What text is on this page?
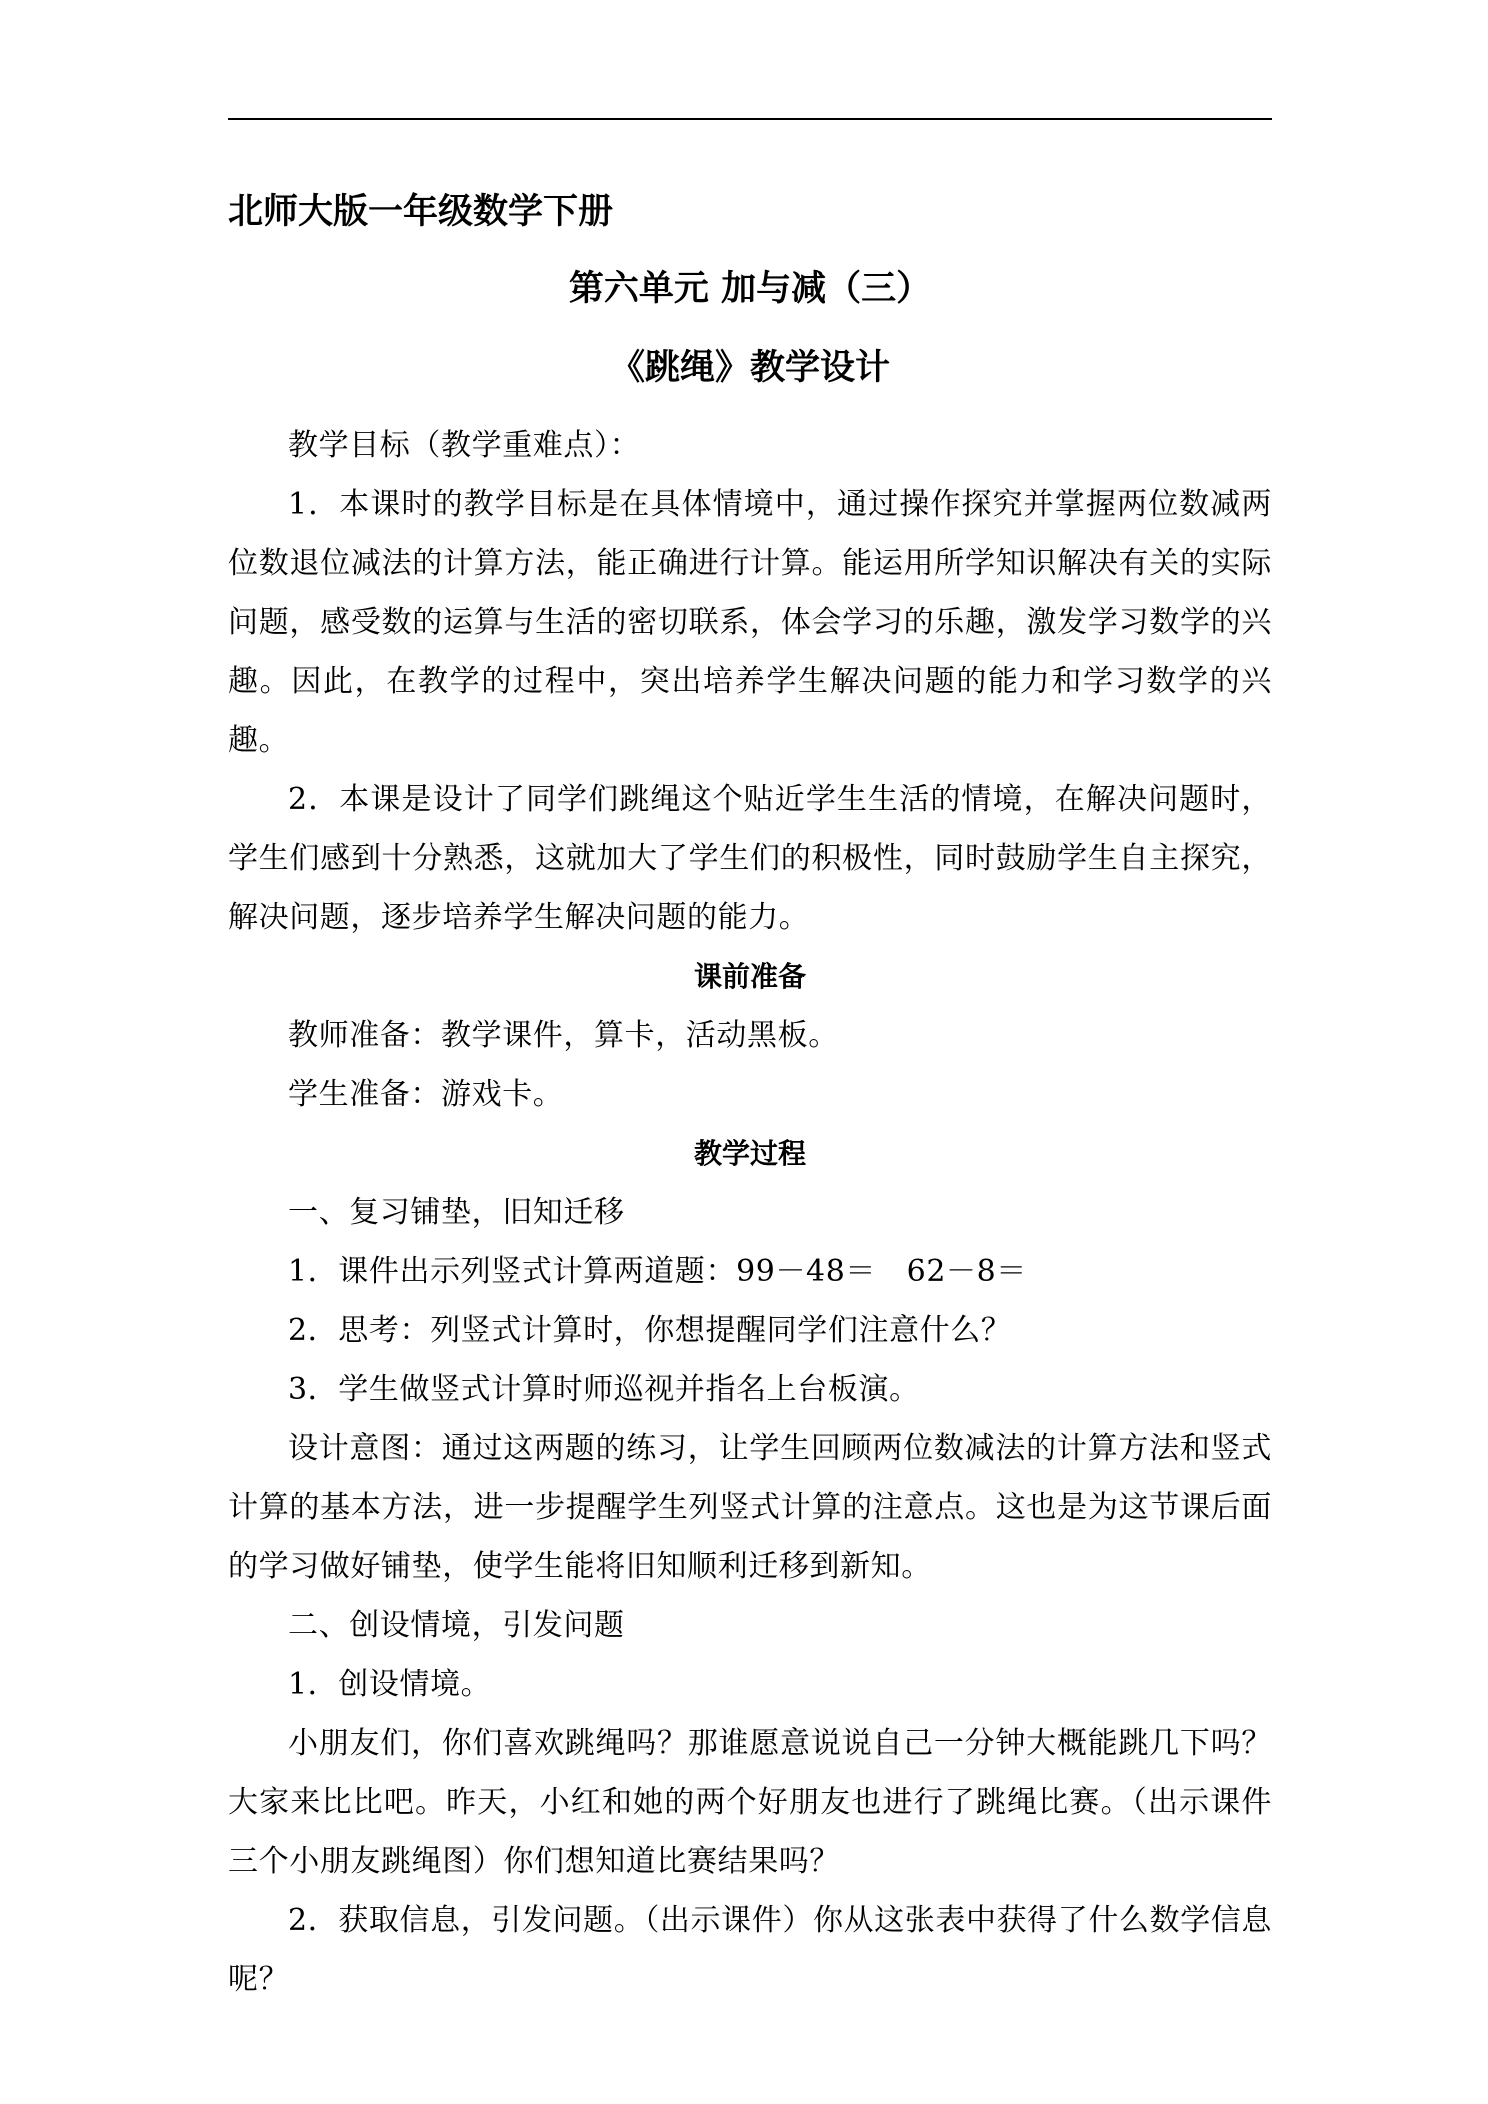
北师大版一年级数学下册
第六单元 加与减（三）
《跳绳》教学设计

教学目标（教学重难点）：

1．本课时的教学目标是在具体情境中，通过操作探究并掌握两位数减两位数退位减法的计算方法，能正确进行计算。能运用所学知识解决有关的实际问题，感受数的运算与生活的密切联系，体会学习的乐趣，激发学习数学的兴趣。因此，在教学的过程中，突出培养学生解决问题的能力和学习数学的兴趣。

2．本课是设计了同学们跳绳这个贴近学生生活的情境，在解决问题时，学生们感到十分熟悉，这就加大了学生们的积极性，同时鼓励学生自主探究，解决问题，逐步培养学生解决问题的能力。

课前准备

教师准备：教学课件，算卡，活动黑板。

学生准备：游戏卡。

教学过程

一、复习铺垫，旧知迁移

1．课件出示列竖式计算两道题：99－48＝　62－8＝

2．思考：列竖式计算时，你想提醒同学们注意什么？

3．学生做竖式计算时师巡视并指名上台板演。

设计意图：通过这两题的练习，让学生回顾两位数减法的计算方法和竖式计算的基本方法，进一步提醒学生列竖式计算的注意点。这也是为这节课后面的学习做好铺垫，使学生能将旧知顺利迁移到新知。

二、创设情境，引发问题

1．创设情境。

小朋友们，你们喜欢跳绳吗？那谁愿意说说自己一分钟大概能跳几下吗？大家来比比吧。昨天，小红和她的两个好朋友也进行了跳绳比赛。（出示课件三个小朋友跳绳图）你们想知道比赛结果吗？

2．获取信息，引发问题。（出示课件）你从这张表中获得了什么数学信息呢？
